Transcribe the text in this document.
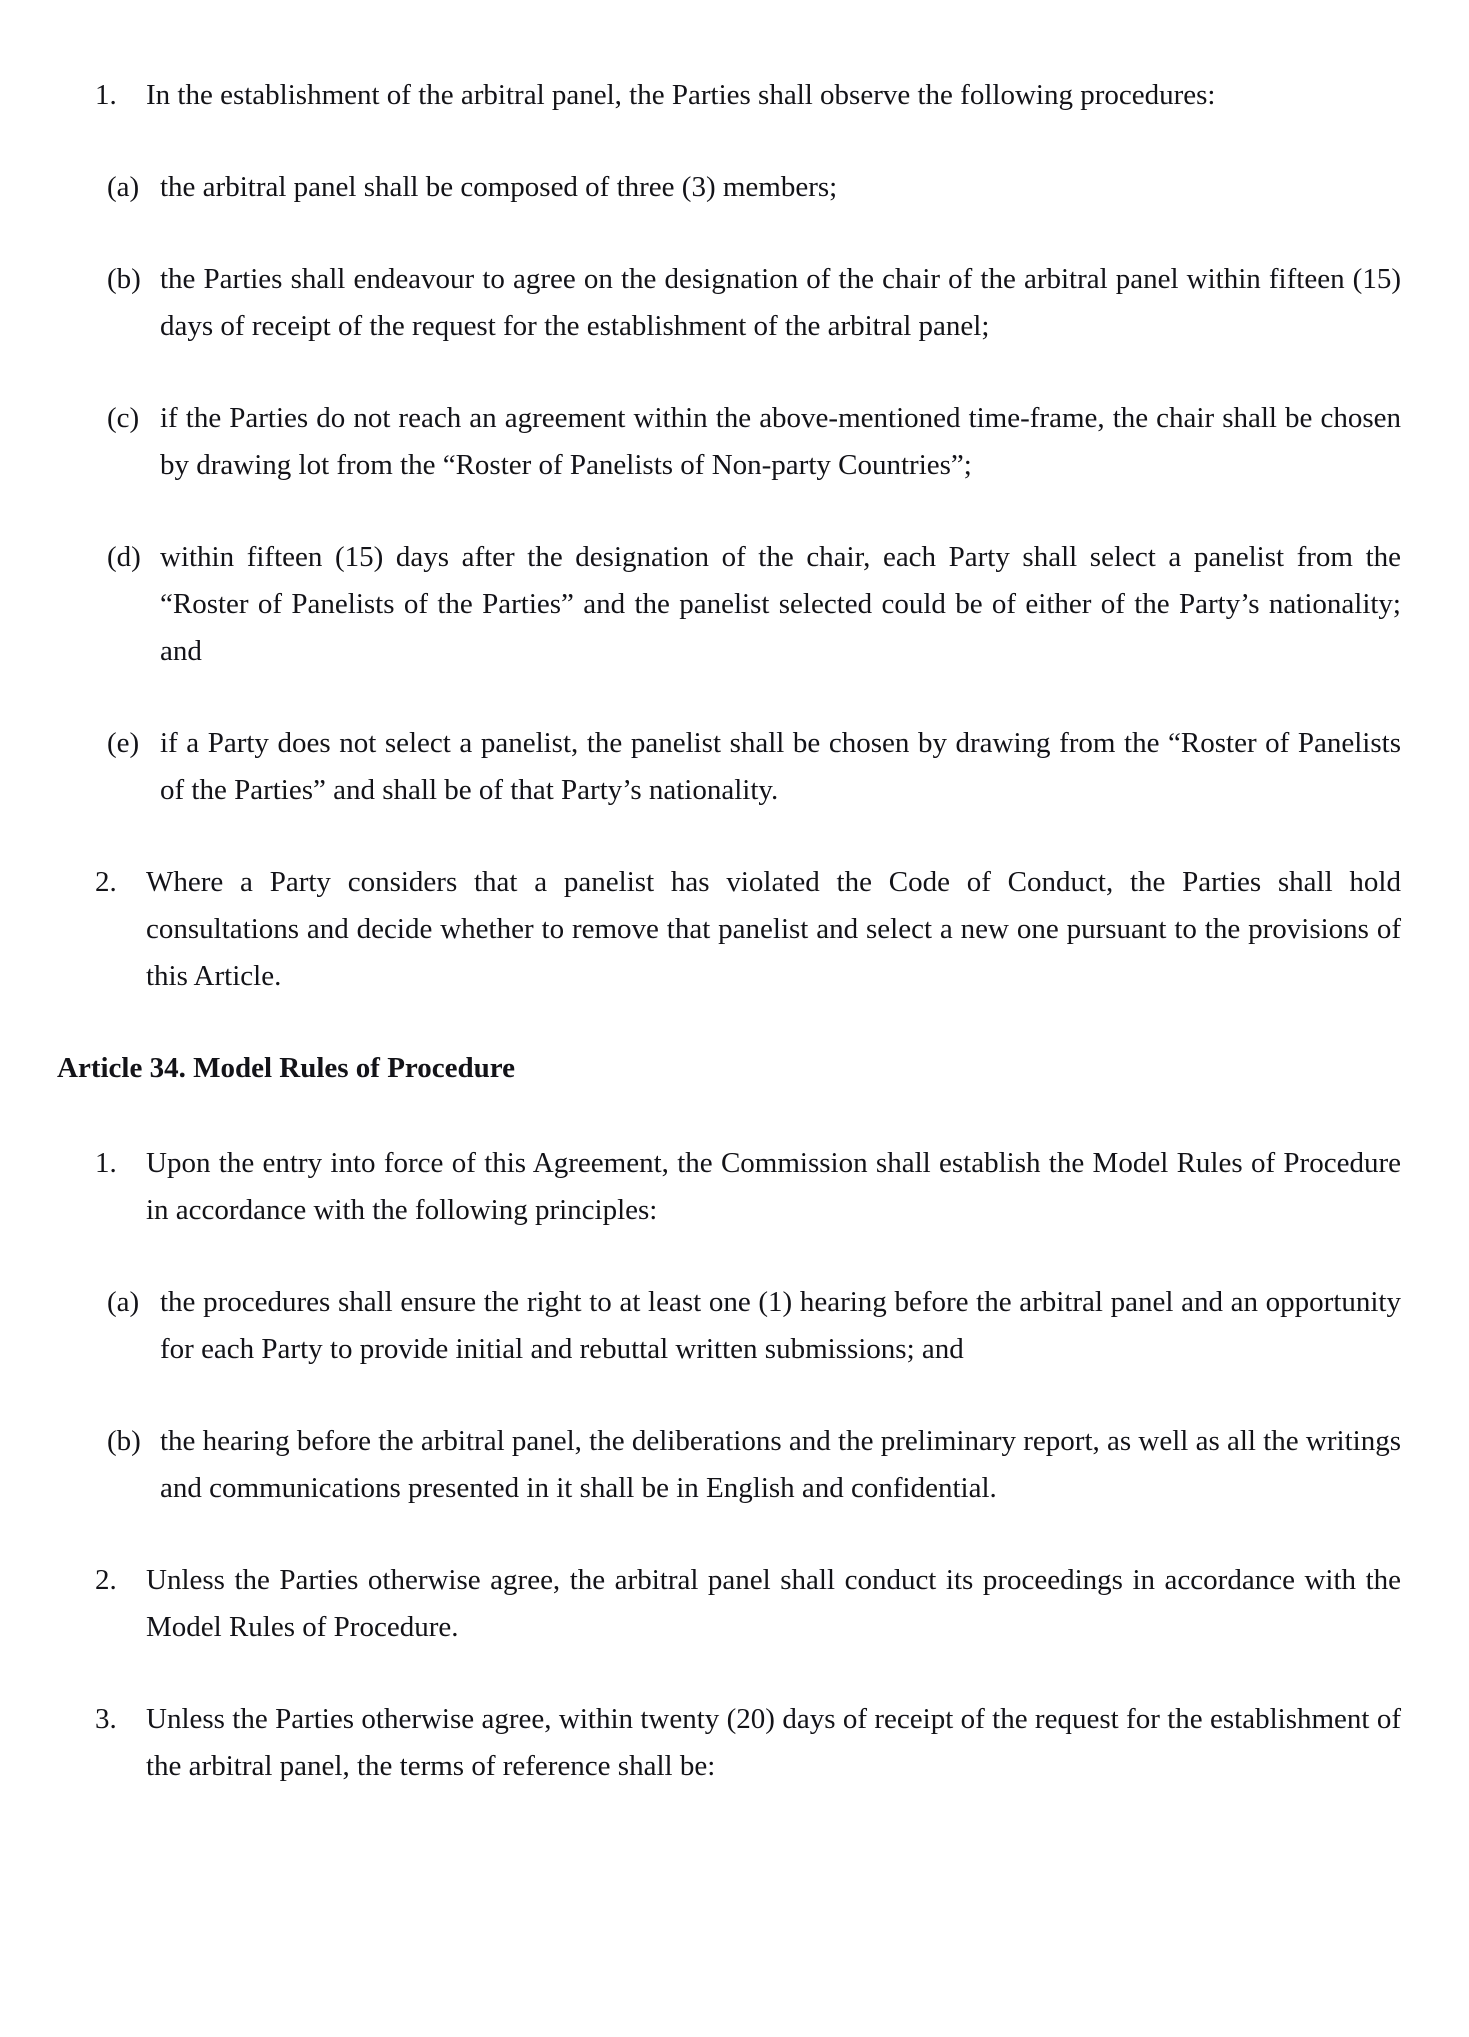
1. In the establishment of the arbitral panel, the Parties shall observe the following procedures:
(a) the arbitral panel shall be composed of three (3) members;
(b) the Parties shall endeavour to agree on the designation of the chair of the arbitral panel within fifteen (15) days of receipt of the request for the establishment of the arbitral panel;
(c) if the Parties do not reach an agreement within the above-mentioned time-frame, the chair shall be chosen by drawing lot from the “Roster of Panelists of Non-party Countries”;
(d) within fifteen (15) days after the designation of the chair, each Party shall select a panelist from the “Roster of Panelists of the Parties” and the panelist selected could be of either of the Party’s nationality; and
(e) if a Party does not select a panelist, the panelist shall be chosen by drawing from the “Roster of Panelists of the Parties” and shall be of that Party’s nationality.
2. Where a Party considers that a panelist has violated the Code of Conduct, the Parties shall hold consultations and decide whether to remove that panelist and select a new one pursuant to the provisions of this Article.
Article 34. Model Rules of Procedure
1. Upon the entry into force of this Agreement, the Commission shall establish the Model Rules of Procedure in accordance with the following principles:
(a) the procedures shall ensure the right to at least one (1) hearing before the arbitral panel and an opportunity for each Party to provide initial and rebuttal written submissions; and
(b) the hearing before the arbitral panel, the deliberations and the preliminary report, as well as all the writings and communications presented in it shall be in English and confidential.
2. Unless the Parties otherwise agree, the arbitral panel shall conduct its proceedings in accordance with the Model Rules of Procedure.
3. Unless the Parties otherwise agree, within twenty (20) days of receipt of the request for the establishment of the arbitral panel, the terms of reference shall be:
